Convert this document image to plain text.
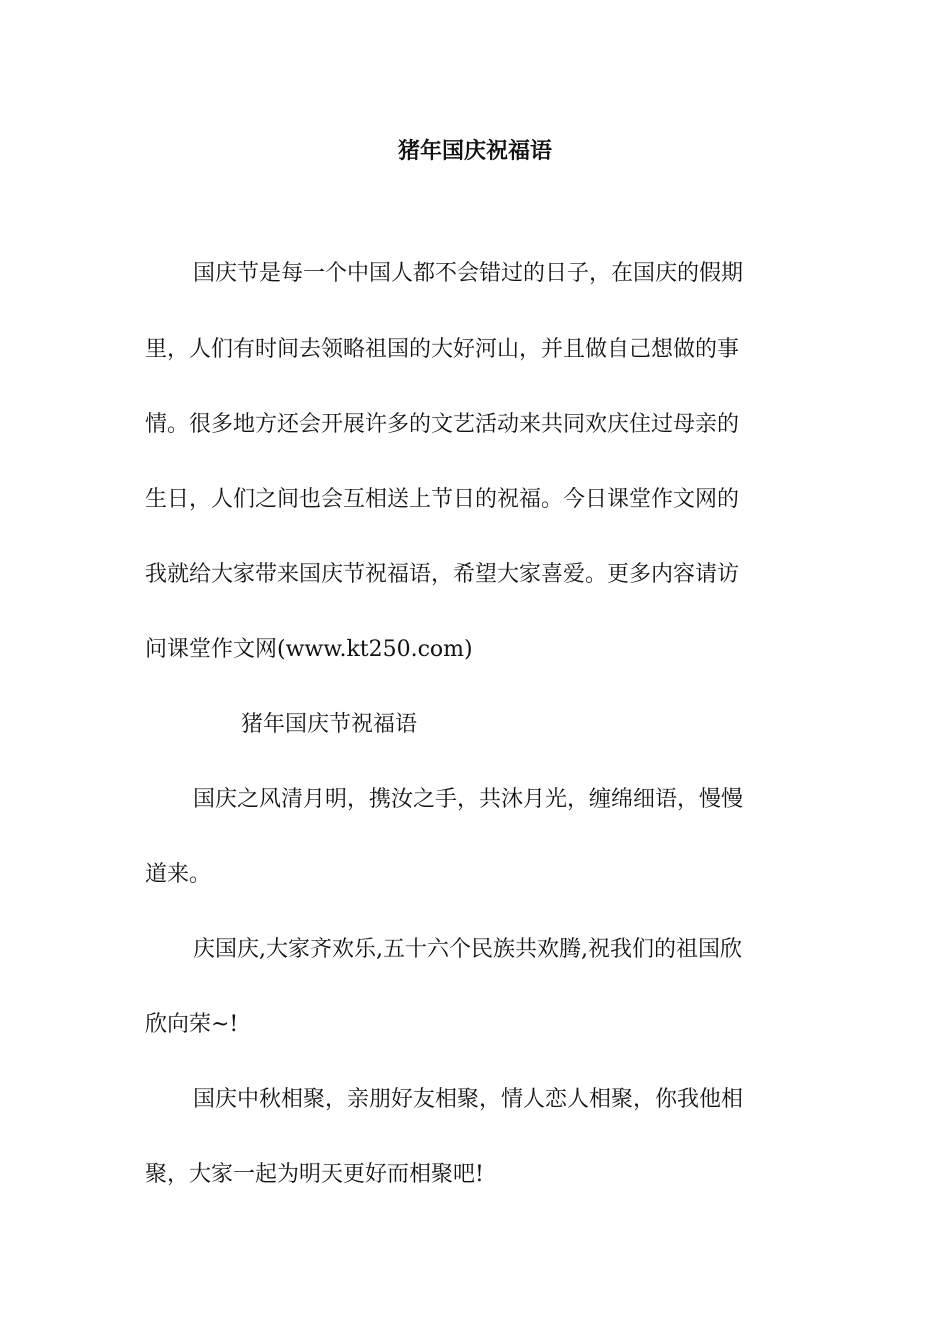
猪年国庆祝福语
国庆节是每一个中国人都不会错过的日子，在国庆的假期
里，人们有时间去领略祖国的大好河山，并且做自己想做的事
情。很多地方还会开展许多的文艺活动来共同欢庆住过母亲的
生日，人们之间也会互相送上节日的祝福。今日课堂作文网的
我就给大家带来国庆节祝福语，希望大家喜爱。更多内容请访
问课堂作文网(www.kt250.com)
猪年国庆节祝福语
国庆之风清月明，携汝之手，共沐月光，缠绵细语，慢慢
道来。
庆国庆,大家齐欢乐,五十六个民族共欢腾,祝我们的祖国欣
欣向荣~!
国庆中秋相聚，亲朋好友相聚，情人恋人相聚，你我他相
聚，大家一起为明天更好而相聚吧!
